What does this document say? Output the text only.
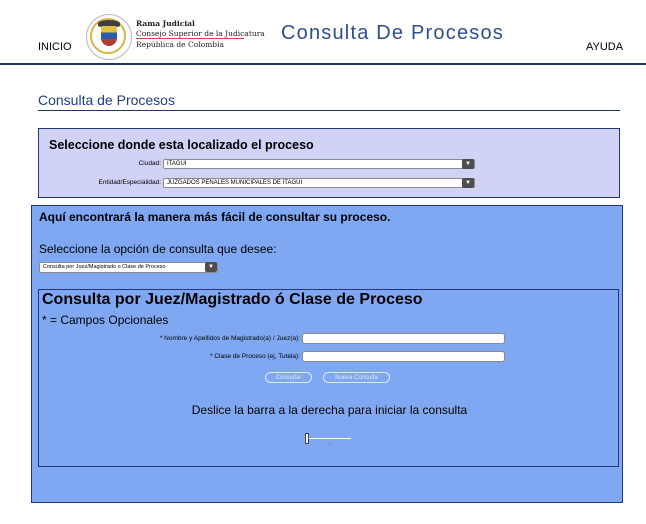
INICIO
Rama Judicial
Consejo Superior de la Judicatura
República de Colombia
Consulta De Procesos
AYUDA
Consulta de Procesos
Seleccione donde esta localizado el proceso
Ciudad: ITAGUI	▼
Entidad/Especialidad: JUZGADOS PENALES MUNICIPALES DE ITAGUI	▼
Aquí encontrará la manera más fácil de consultar su proceso.
Seleccione la opción de consulta que desee:
Consulta por Juez/Magistrado o Clase de Proceso	▼
Consulta por Juez/Magistrado ó Clase de Proceso
* = Campos Opcionales
* Nombre y Apellidos de Magistrado(a) / Juez(a):
* Clase de Proceso (ej, Tutela):
Consultar	Nueva Consulta
Deslice la barra a la derecha para iniciar la consulta
